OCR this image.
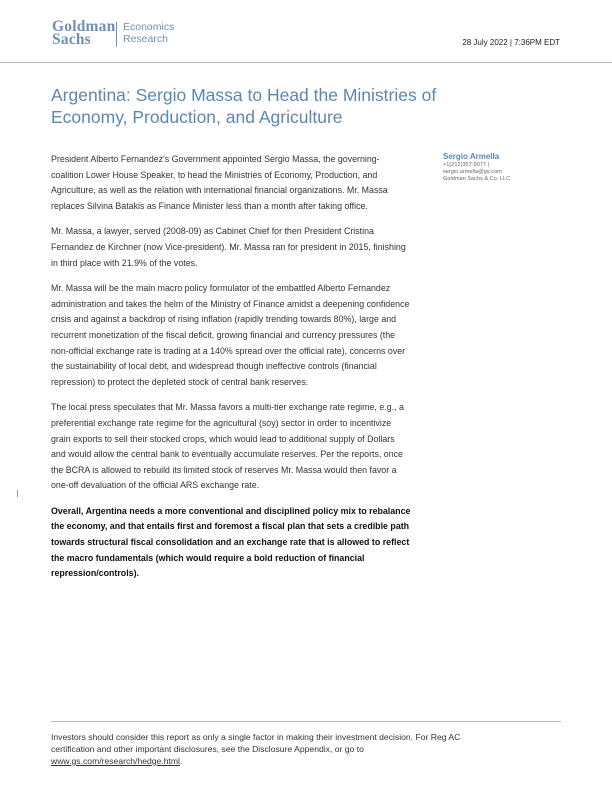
Goldman
Sachs
Economics
Research	28 July 2022 | 7:36PM EDT
Argentina: Sergio Massa to Head the Ministries of Economy, Production, and Agriculture

President Alberto Fernandez's Government appointed Sergio Massa, the governing-coalition Lower House Speaker, to head the Ministries of Economy, Production, and Agriculture, as well as the relation with international financial organizations. Mr. Massa replaces Silvina Batakis as Finance Minister less than a month after taking office.

Mr. Massa, a lawyer, served (2008-09) as Cabinet Chief for then President Cristina Fernandez de Kirchner (now Vice-president). Mr. Massa ran for president in 2015, finishing in third place with 21.9% of the votes.

Mr. Massa will be the main macro policy formulator of the embattled Alberto Fernandez administration and takes the helm of the Ministry of Finance amidst a deepening confidence crisis and against a backdrop of rising inflation (rapidly trending towards 80%), large and recurrent monetization of the fiscal deficit, growing financial and currency pressures (the non-official exchange rate is trading at a 140% spread over the official rate), concerns over the sustainability of local debt, and widespread though ineffective controls (financial repression) to protect the depleted stock of central bank reserves.

The local press speculates that Mr. Massa favors a multi-tier exchange rate regime, e.g., a preferential exchange rate regime for the agricultural (soy) sector in order to incentivize grain exports to sell their stocked crops, which would lead to additional supply of Dollars and would allow the central bank to eventually accumulate reserves. Per the reports, once the BCRA is allowed to rebuild its limited stock of reserves Mr. Massa would then favor a one-off devaluation of the official ARS exchange rate.

Overall, Argentina needs a more conventional and disciplined policy mix to rebalance the economy, and that entails first and foremost a fiscal plan that sets a credible path towards structural fiscal consolidation and an exchange rate that is allowed to reflect the macro fundamentals (which would require a bold reduction of financial repression/controls).

Sergio Armella
+1(212)357-9077 |
sergio.armella@gs.com
Goldman Sachs & Co. LLC
Investors should consider this report as only a single factor in making their investment decision. For Reg AC certification and other important disclosures, see the Disclosure Appendix, or go to www.gs.com/research/hedge.html.
